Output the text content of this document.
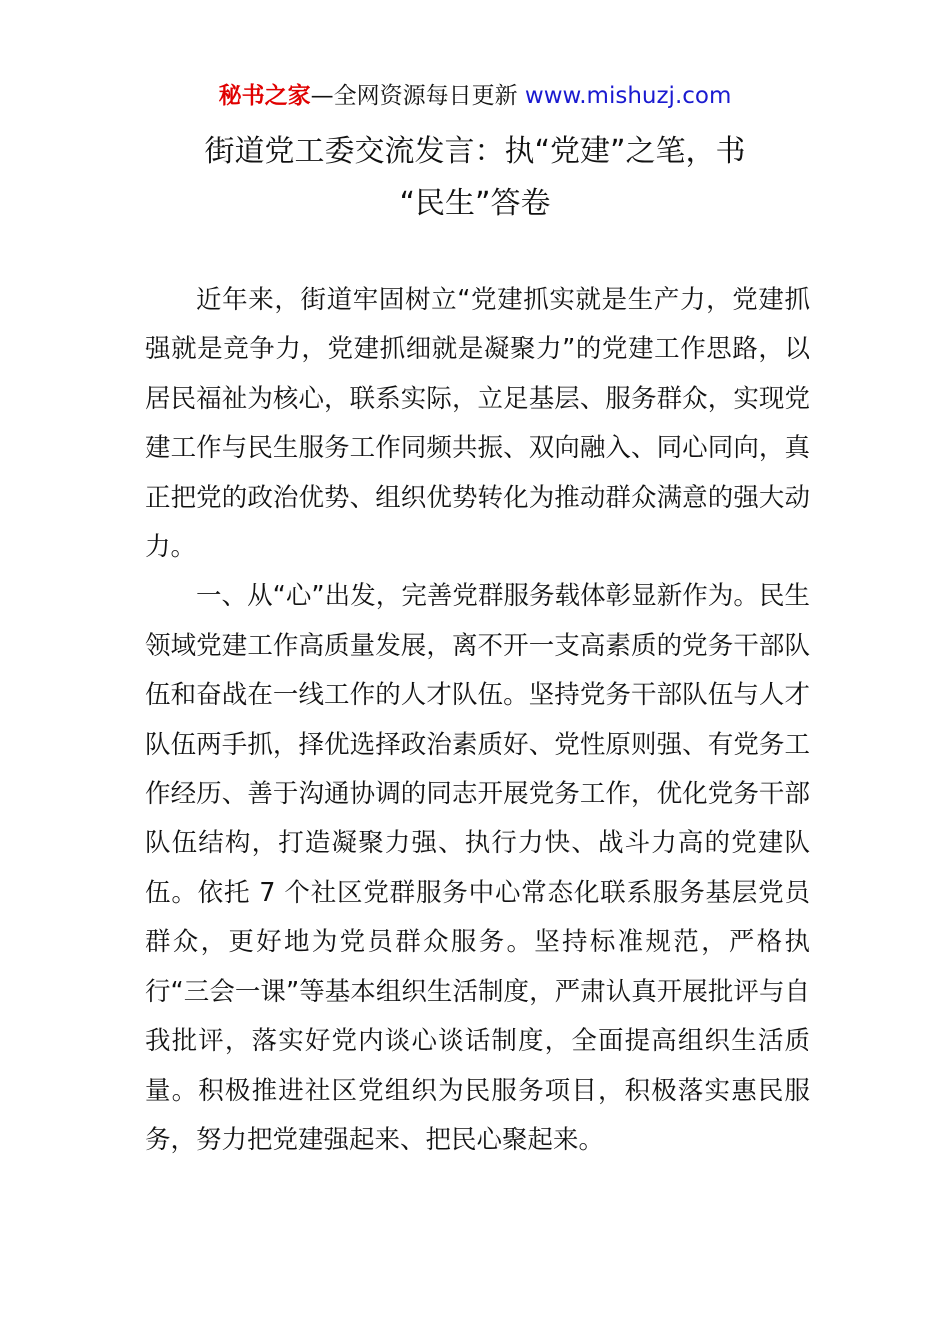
秘书之家—全网资源每日更新 www.mishuzj.com
街道党工委交流发言：执“党建”之笔，书
“民生”答卷

近年来，街道牢固树立“党建抓实就是生产力，党建抓强就是竞争力，党建抓细就是凝聚力”的党建工作思路，以居民福祉为核心，联系实际，立足基层、服务群众，实现党建工作与民生服务工作同频共振、双向融入、同心同向，真正把党的政治优势、组织优势转化为推动群众满意的强大动力。

一、从“心”出发，完善党群服务载体彰显新作为。民生领域党建工作高质量发展，离不开一支高素质的党务干部队伍和奋战在一线工作的人才队伍。坚持党务干部队伍与人才队伍两手抓，择优选择政治素质好、党性原则强、有党务工作经历、善于沟通协调的同志开展党务工作，优化党务干部队伍结构，打造凝聚力强、执行力快、战斗力高的党建队伍。依托 7 个社区党群服务中心常态化联系服务基层党员群众，更好地为党员群众服务。坚持标准规范，严格执行“三会一课”等基本组织生活制度，严肃认真开展批评与自我批评，落实好党内谈心谈话制度，全面提高组织生活质量。积极推进社区党组织为民服务项目，积极落实惠民服务，努力把党建强起来、把民心聚起来。
